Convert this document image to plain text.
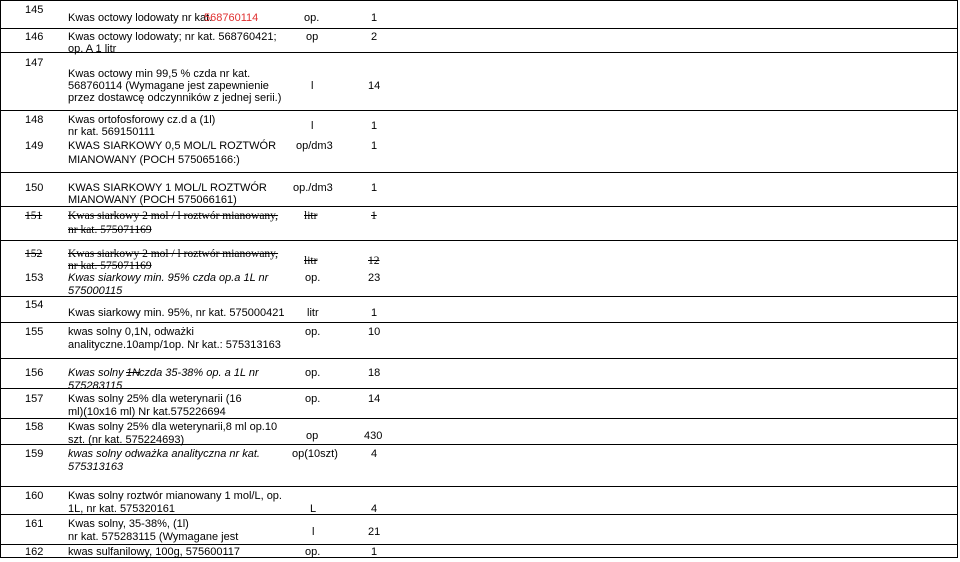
145
Kwas octowy lodowaty nr kat.
568760114	op.	1
146 Kwas octowy lodowaty; nr kat. 568760421;
op. A 1 litr
op	2
147
Kwas octowy min 99,5 % czda nr kat.
568760114 (Wymagane jest zapewnienie
przez dostawcę odczynników z jednej serii.)
l	14
148 Kwas ortofosforowy cz.d a (1l)
nr kat. 569150111	l	1
149 KWAS SIARKOWY 0,5 MOL/L ROZTWÓR
MIANOWANY (POCH 575065166:)
op/dm3	1
150 KWAS SIARKOWY 1 MOL/L ROZTWÓR
MIANOWANY (POCH 575066161)
op./dm3	1
151 Kwas siarkowy 2 mol / l roztwór mianowany,
nr kat. 575071169
litr	1
152 Kwas siarkowy 2 mol / l roztwór mianowany,
nr kat. 575071169	litr	12
153 Kwas siarkowy min. 95% czda op.a 1L nr
575000115
op.	23
154
Kwas siarkowy min. 95%, nr kat. 575000421 litr	1
155 kwas solny 0,1N, odważki
analityczne.10amp/1op. Nr kat.: 575313163
op.	10
156 Kwas solny 1N
czda 35-38% op. a 1L nr
575283115
op.	18
157 Kwas solny 25% dla weterynarii (16
ml)(10x16 ml) Nr kat.575226694
op.	14
158 Kwas solny 25% dla weterynarii,8 ml op.10
szt. (nr kat. 575224693)	op	430
159 kwas solny odważka analityczna nr kat.
575313163
op(10szt)	4
160 Kwas solny roztwór mianowany 1 mol/L, op.
1L, nr kat. 575320161	L	4
161 Kwas solny, 35-38%, (1l)
nr kat. 575283115 (Wymagane jest	l	21
162 kwas sulfanilowy, 100g, 575600117	op.	1
